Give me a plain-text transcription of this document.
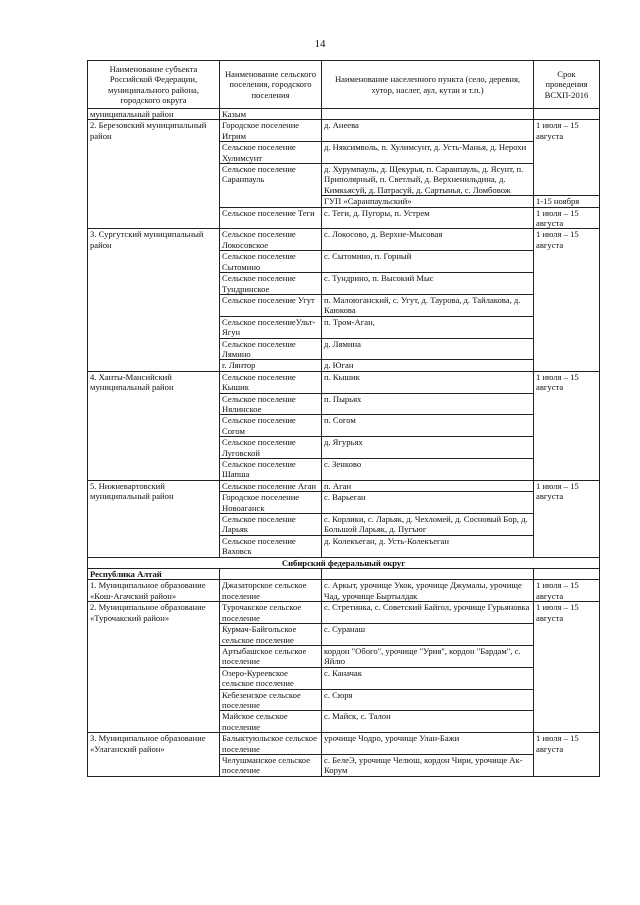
14
Наименование субъекта Российской Федерации, муниципального района, городского округа	Наименование сельского поселения, городского поселения	Наименование населенного пункта (село, деревня, хутор, наслег, аул, кутан и т.п.)	Срок проведения ВСХП-2016
муниципальный район	Казым		
2. Березовский муниципальный район	Городское поселение Игрим	д. Анеева	1 июля – 15 августа
	Сельское поселение Хулимсунт	д. Няксимволь, п. Хулимсунт, д. Усть-Манья, д. Нерохи	
	Сельское поселение Саранпауль	д. Хурумпауль, д. Щекурья, п. Саранпауль, д. Ясунт, п. Приполярный, п. Светлый, д. Верхненильдина, д. Кимкьясуй, д. Патрасуй, д. Сартынья, с. Ломбовож	
		ГУП «Саранпаульский»	1-15 ноября
	Сельское поселение Теги	с. Теги, д. Пугоры, п. Устрем	1 июля – 15 августа
3. Сургутский муниципальный район	Сельское поселение Локосовское	с. Локосово, д. Верхне-Мысовая	1 июля – 15 августа
	Сельское поселение Сытомино	с. Сытомино, п. Горный	
	Сельское поселение Тундринское	с. Тундрино, п. Высокий Мыс	
	Сельское поселение Угут	п. Малоюганский, с. Угут, д. Таурова, д. Тайлакова, д. Каюкова	
	Сельское поселениеУльт-Ягун	п. Тром-Аган,	
	Сельское поселение Лямино	д. Лямина	
	г. Лянтор	д. Юган	
4. Ханты-Мансийский муниципальный район	Сельское поселение Кышик	п. Кышик	1 июля – 15 августа
	Сельское поселение Нялинское	п. Пырьях	
	Сельское поселение Согом	п. Согом	
	Сельское поселение Луговской	д. Ягурьях	
	Сельское поселение Шапша	с. Зенково	
5. Нижневартовский муниципальный район	Сельское поселение Аган	п. Аган	1 июля – 15 августа
	Городское поселение Новоаганск	с. Варьеган	
	Сельское поселение Ларьяк	с. Корлики, с. Ларьяк, д. Чехломей, д. Сосновый Бор, д. Большой Ларьяк, д. Пугъюг	
	Сельское поселение Ваховск	д. Колекъеган, д. Усть-Колекъеган	
Сибирский федеральный округ			
Республика Алтай			
1. Муниципальное образование «Кош-Агачский район»	Джазаторское сельское поселение	с. Аркыт, урочище Укок, урочище Джумалы, урочище Чад, урочище Быртылдак	1 июля – 15 августа
2. Муниципальное образование «Турочакский район»	Турочакское сельское поселение	с. Стретинка, с. Советский Байгол, урочище Гурьяновка	1 июля – 15 августа
	Курмач-Байгольское сельское поселение	с. Суранаш	
	Артыбашское сельское поселение	кордон "Обого", урочище "Урия", кордон "Бардам", с. Яйлю	
	Озеро-Куреевское сельское поселение	с. Каначак	
	Кебезенское сельское поселение	с. Сюря	
	Майское сельское поселение	с. Майск, с. Талон	
3. Муниципальное образование «Улаганский район»	Балыктуюльское сельское поселение	урочище Чодро, урочище Улан-Бажи	1 июля – 15 августа
	Челушманское сельское поселение	с. БелеЭ, урочище Челюш, кордон Чири, урочище Ак-Корум	
